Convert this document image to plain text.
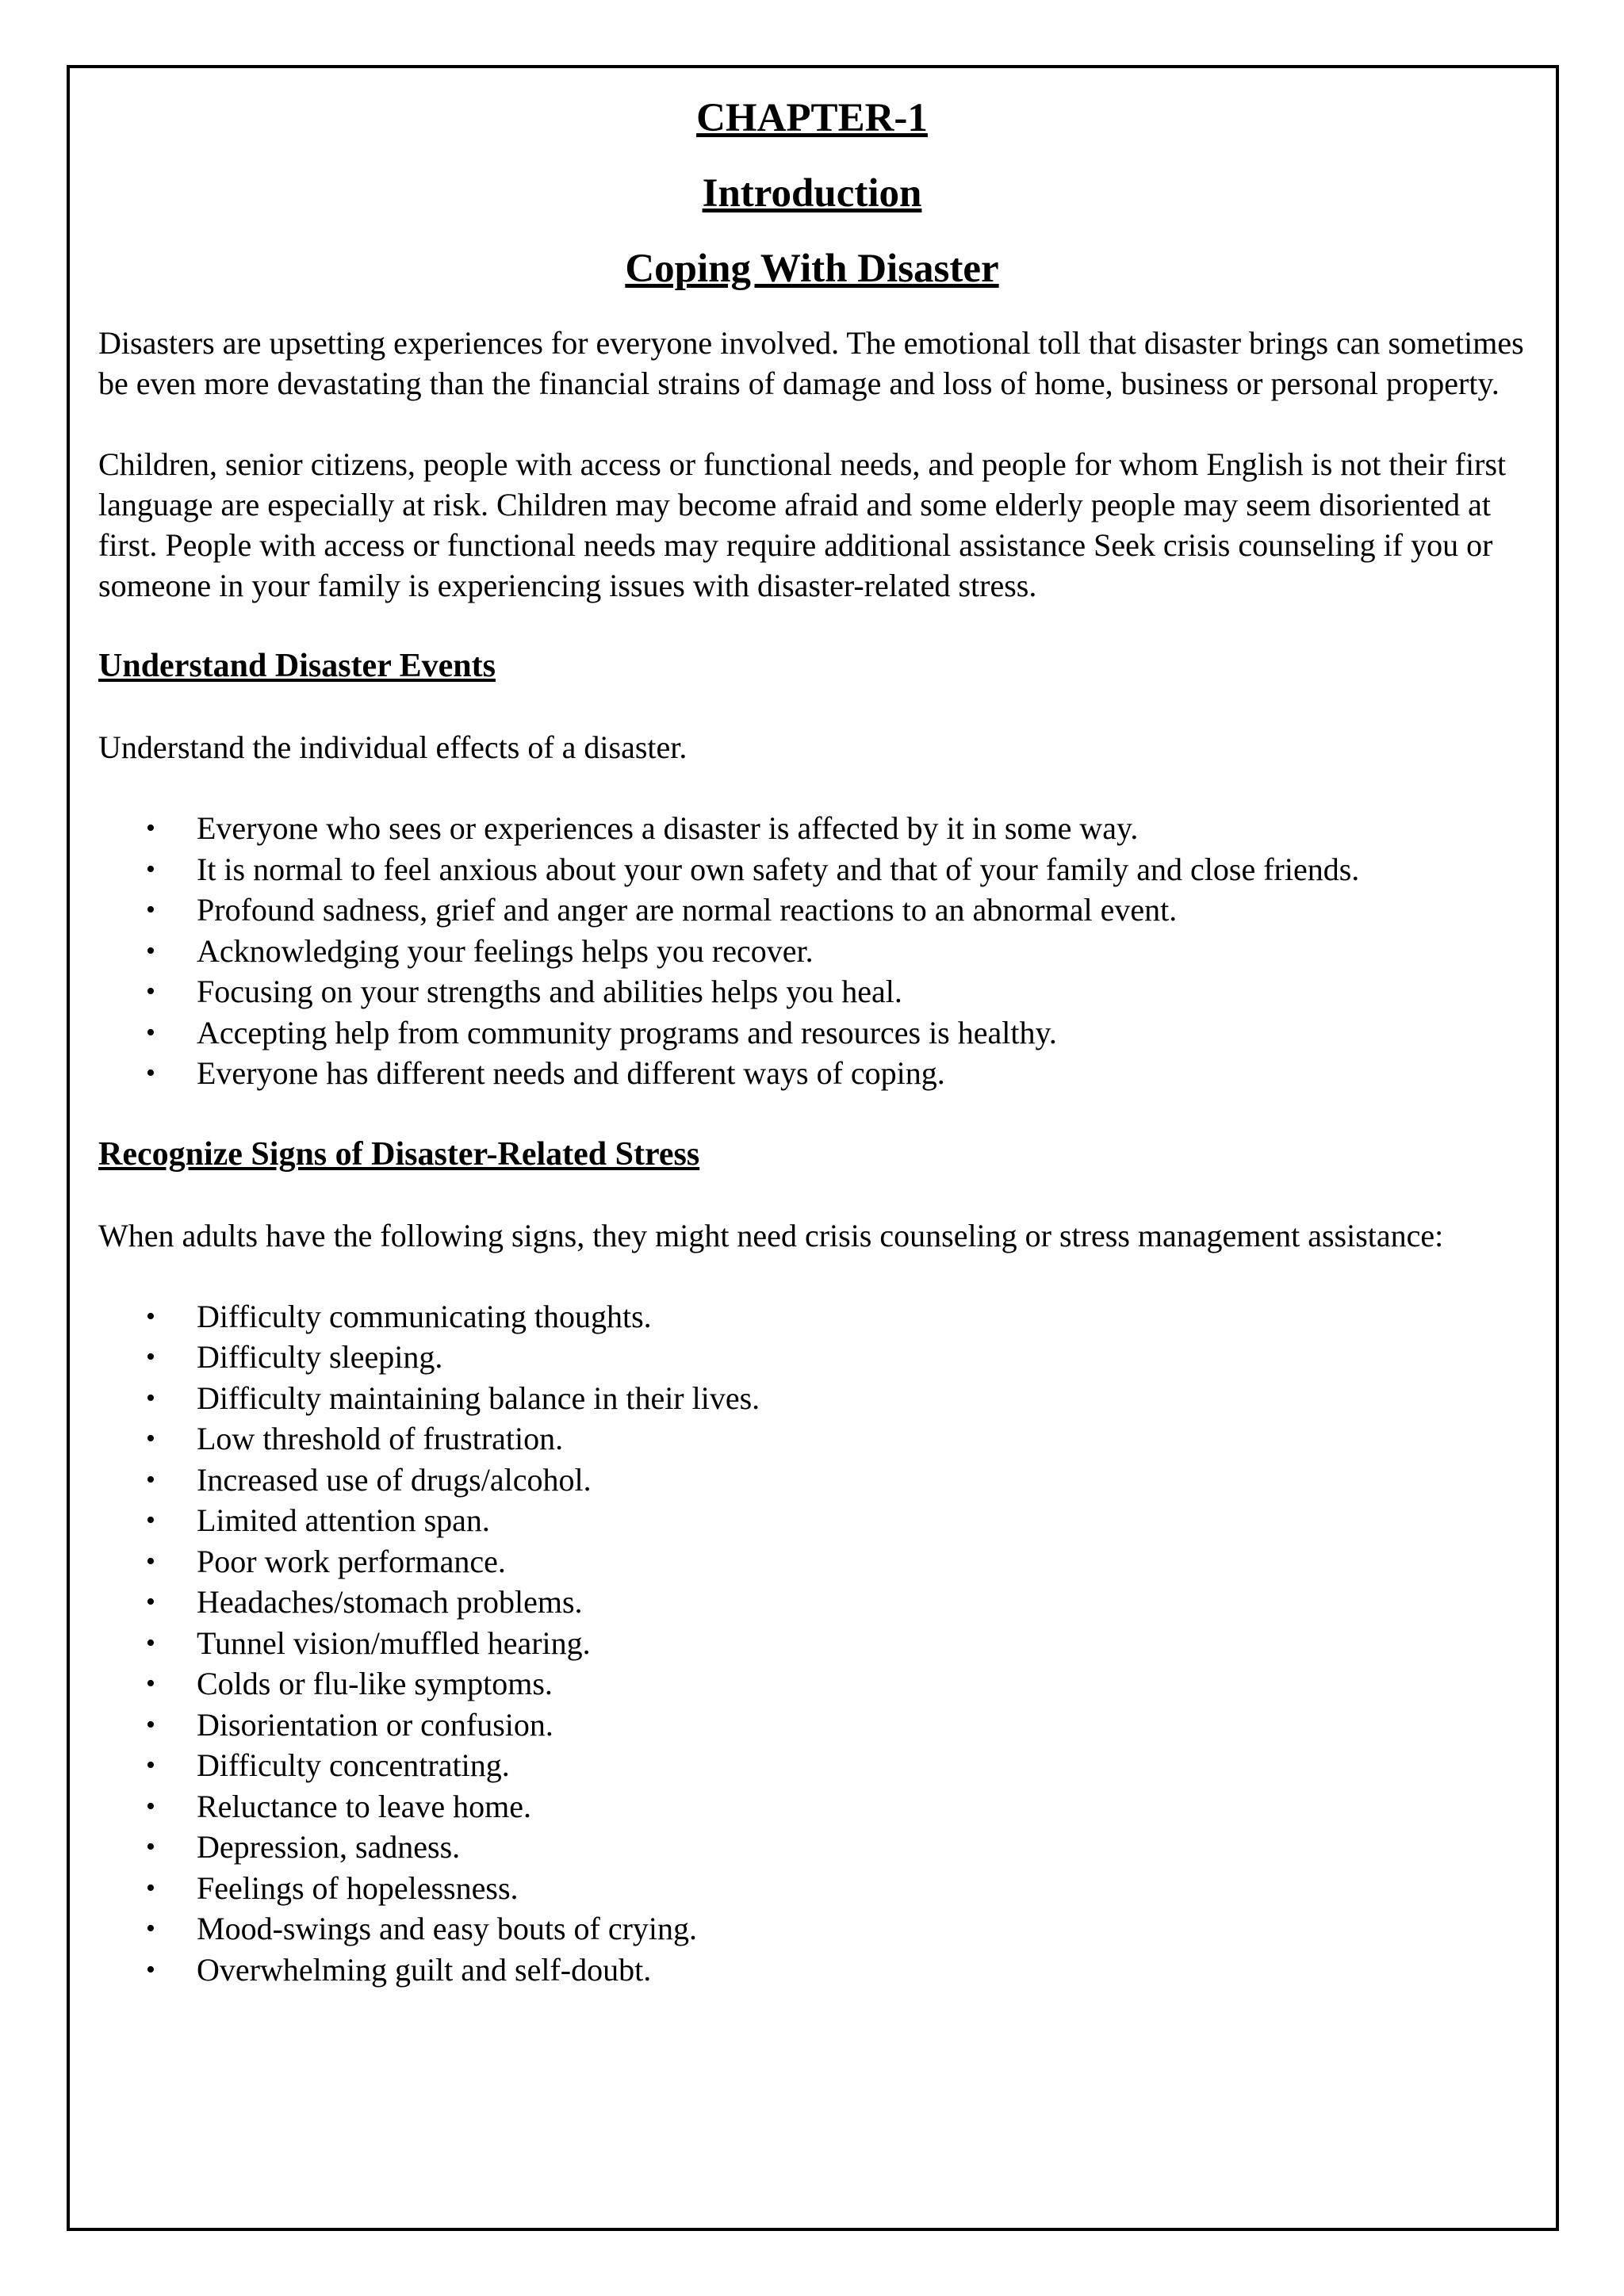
CHAPTER-1
Introduction
Coping With Disaster

Disasters are upsetting experiences for everyone involved. The emotional toll that disaster brings can sometimes be even more devastating than the financial strains of damage and loss of home, business or personal property.

Children, senior citizens, people with access or functional needs, and people for whom English is not their first language are especially at risk. Children may become afraid and some elderly people may seem disoriented at first. People with access or functional needs may require additional assistance Seek crisis counseling if you or someone in your family is experiencing issues with disaster-related stress.

Understand Disaster Events

Understand the individual effects of a disaster.

• Everyone who sees or experiences a disaster is affected by it in some way.
• It is normal to feel anxious about your own safety and that of your family and close friends.
• Profound sadness, grief and anger are normal reactions to an abnormal event.
• Acknowledging your feelings helps you recover.
• Focusing on your strengths and abilities helps you heal.
• Accepting help from community programs and resources is healthy.
• Everyone has different needs and different ways of coping.
Recognize Signs of Disaster-Related Stress

When adults have the following signs, they might need crisis counseling or stress management assistance:

• Difficulty communicating thoughts.
• Difficulty sleeping.
• Difficulty maintaining balance in their lives.
• Low threshold of frustration.
• Increased use of drugs/alcohol.
• Limited attention span.
• Poor work performance.
• Headaches/stomach problems.
• Tunnel vision/muffled hearing.
• Colds or flu-like symptoms.
• Disorientation or confusion.
• Difficulty concentrating.
• Reluctance to leave home.
• Depression, sadness.
• Feelings of hopelessness.
• Mood-swings and easy bouts of crying.
• Overwhelming guilt and self-doubt.
